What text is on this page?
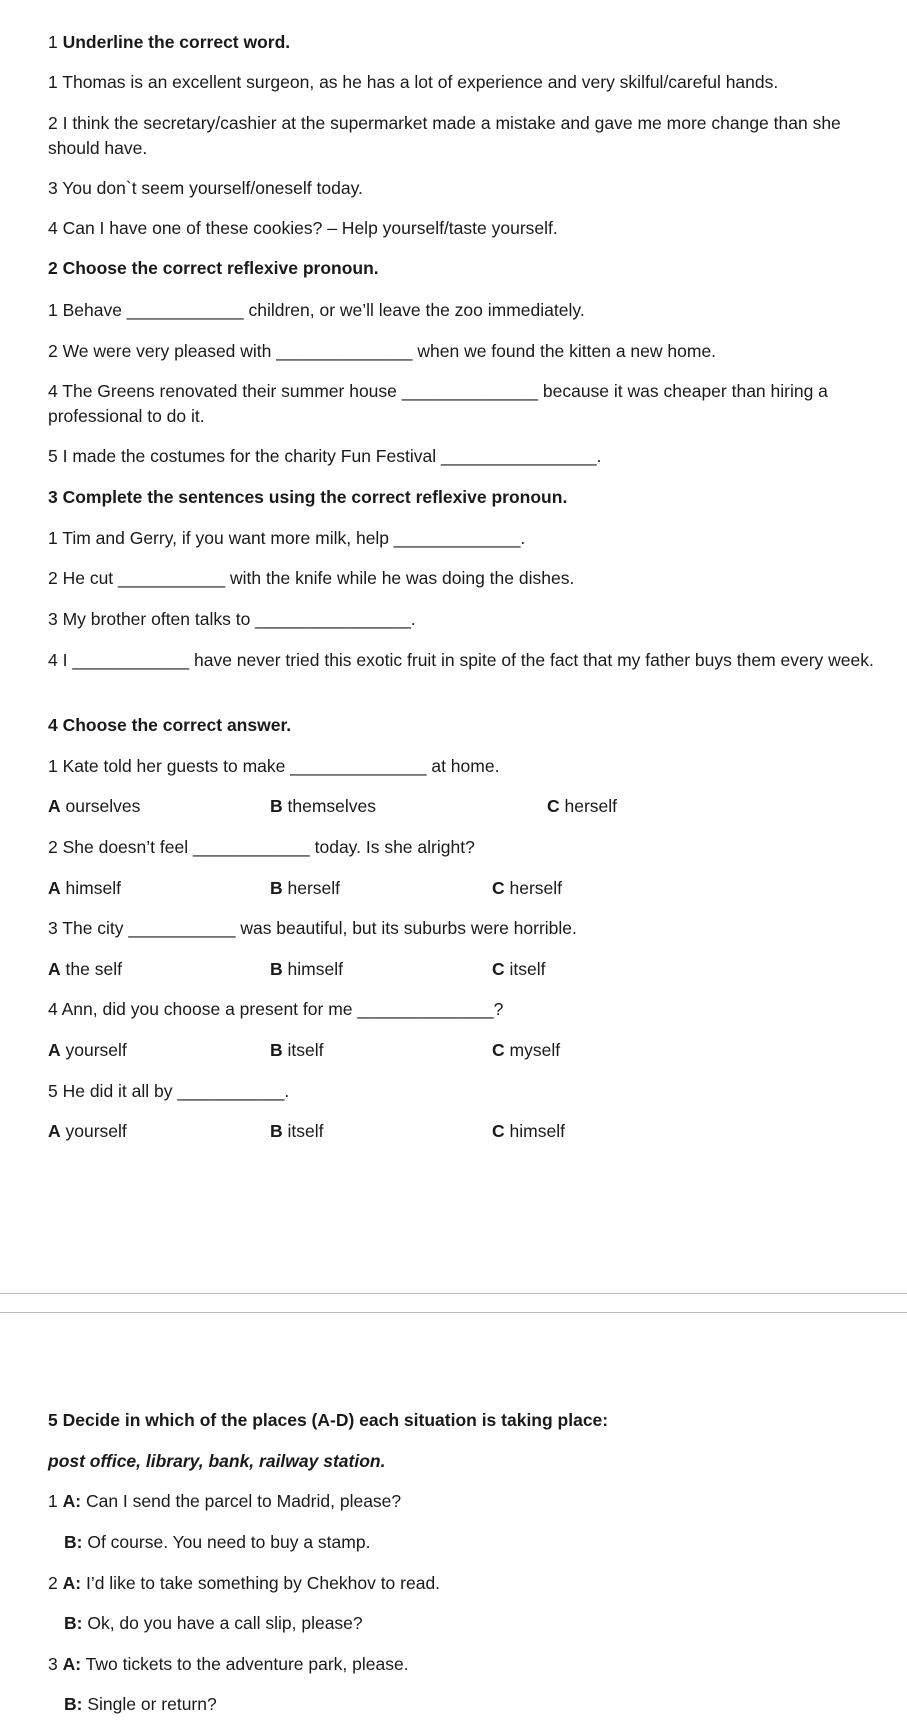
1 Underline the correct word.
1 Thomas is an excellent surgeon, as he has a lot of experience and very skilful/careful hands.
2 I think the secretary/cashier at the supermarket made a mistake and gave me more change than she should have.
3 You don`t seem yourself/oneself today.
4 Can I have one of these cookies? – Help yourself/taste yourself.
2 Choose the correct reflexive pronoun.
1 Behave ____________ children, or we’ll leave the zoo immediately.
2 We were very pleased with ______________ when we found the kitten a new home.
4 The Greens renovated their summer house ______________ because it was cheaper than hiring a professional to do it.
5 I made the costumes for the charity Fun Festival ________________.
3 Complete the sentences using the correct reflexive pronoun.
1 Tim and Gerry, if you want more milk, help _____________.
2 He cut ___________ with the knife while he was doing the dishes.
3 My brother often talks to ________________.
4 I ____________ have never tried this exotic fruit in spite of the fact that my father buys them every week.
4 Choose the correct answer.
1 Kate told her guests to make ______________ at home.
A ourselves	B themselves	C herself
2 She doesn’t feel ____________ today. Is she alright?
A himself	B herself	C herself
3 The city ___________ was beautiful, but its suburbs were horrible.
A the self	B himself	C itself
4 Ann, did you choose a present for me ______________?
A yourself	B itself	C myself
5 He did it all by ___________.
A yourself	B itself	C himself
5 Decide in which of the places (A-D) each situation is taking place:
post office, library, bank, railway station.
1 A: Can I send the parcel to Madrid, please?
B: Of course. You need to buy a stamp.
2 A: I’d like to take something by Chekhov to read.
B: Ok, do you have a call slip, please?
3 A: Two tickets to the adventure park, please.
B: Single or return?
